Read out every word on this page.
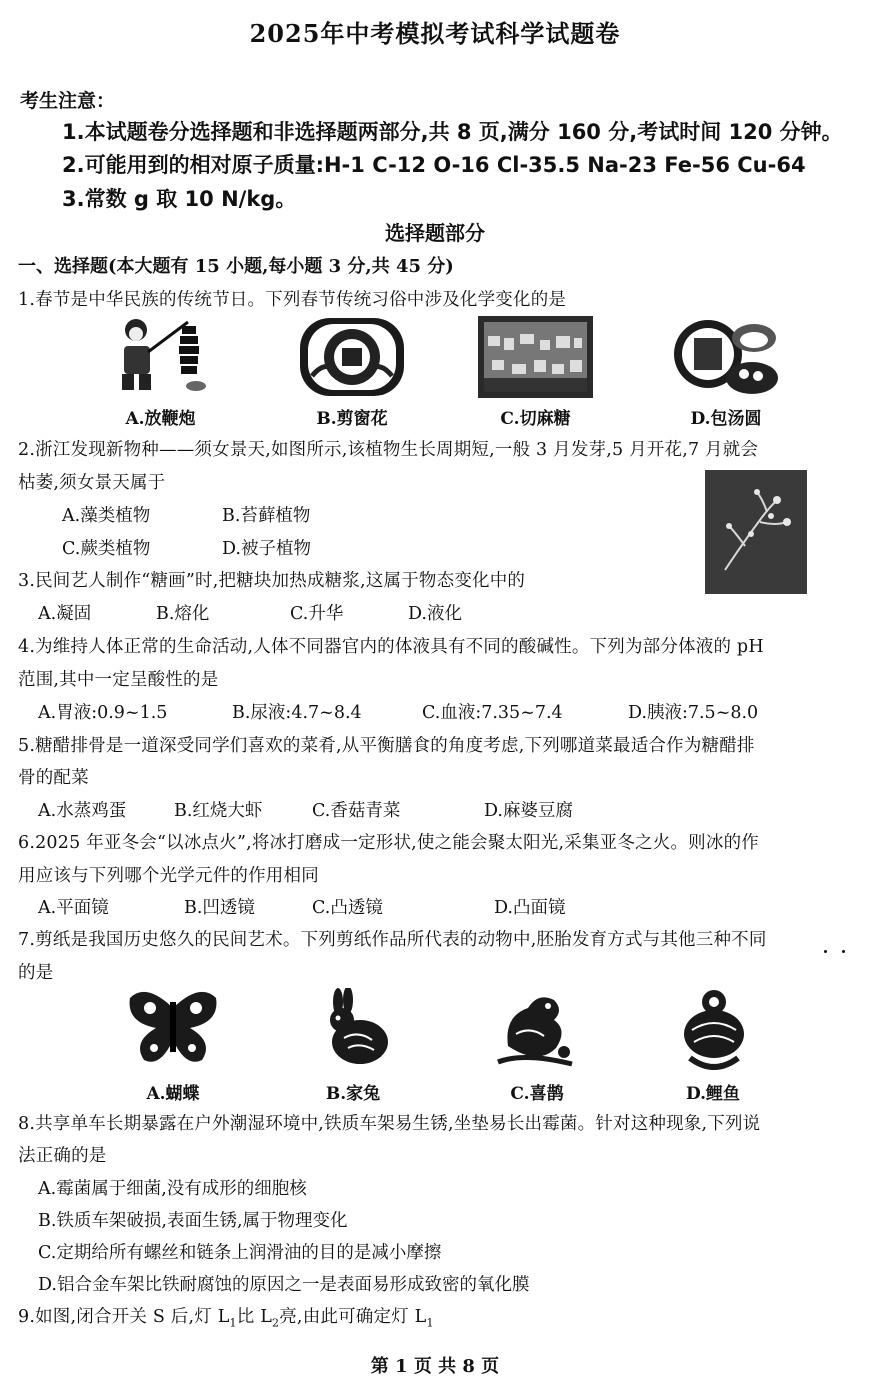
2025年中考模拟考试科学试题卷
考生注意：
1.本试题卷分选择题和非选择题两部分,共 8 页,满分 160 分,考试时间 120 分钟。
2.可能用到的相对原子质量:H-1 C-12 O-16 Cl-35.5 Na-23 Fe-56 Cu-64
3.常数 g 取 10 N/kg。
选择题部分
一、选择题(本大题有 15 小题,每小题 3 分,共 45 分)
1.春节是中华民族的传统节日。下列春节传统习俗中涉及化学变化的是
A.放鞭炮	B.剪窗花	C.切麻糖	D.包汤圆
2.浙江发现新物种——须女景天,如图所示,该植物生长周期短,一般 3 月发芽,5 月开花,7 月就会
枯萎,须女景天属于
A.藻类植物	B.苔藓植物
C.蕨类植物	D.被子植物
3.民间艺人制作“糖画”时,把糖块加热成糖浆,这属于物态变化中的
A.凝固	B.熔化	C.升华	D.液化
4.为维持人体正常的生命活动,人体不同器官内的体液具有不同的酸碱性。下列为部分体液的 pH
范围,其中一定呈酸性的是
A.胃液:0.9~1.5	B.尿液:4.7~8.4	C.血液:7.35~7.4	D.胰液:7.5~8.0
5.糖醋排骨是一道深受同学们喜欢的菜肴,从平衡膳食的角度考虑,下列哪道菜最适合作为糖醋排
骨的配菜
A.水蒸鸡蛋	B.红烧大虾	C.香菇青菜	D.麻婆豆腐
6.2025 年亚冬会“以冰点火”,将冰打磨成一定形状,使之能会聚太阳光,采集亚冬之火。则冰的作
用应该与下列哪个光学元件的作用相同
A.平面镜	B.凹透镜	C.凸透镜	D.凸面镜
7.剪纸是我国历史悠久的民间艺术。下列剪纸作品所代表的动物中,胚胎发育方式与其他三种不同
的是
A.蝴蝶	B.家兔	C.喜鹊	D.鲤鱼
8.共享单车长期暴露在户外潮湿环境中,铁质车架易生锈,坐垫易长出霉菌。针对这种现象,下列说
法正确的是
A.霉菌属于细菌,没有成形的细胞核
B.铁质车架破损,表面生锈,属于物理变化
C.定期给所有螺丝和链条上润滑油的目的是减小摩擦
D.铝合金车架比铁耐腐蚀的原因之一是表面易形成致密的氧化膜
9.如图,闭合开关 S 后,灯 $L_1$比 $L_2$亮,由此可确定灯 $L_1$
第 1 页 共 8 页
